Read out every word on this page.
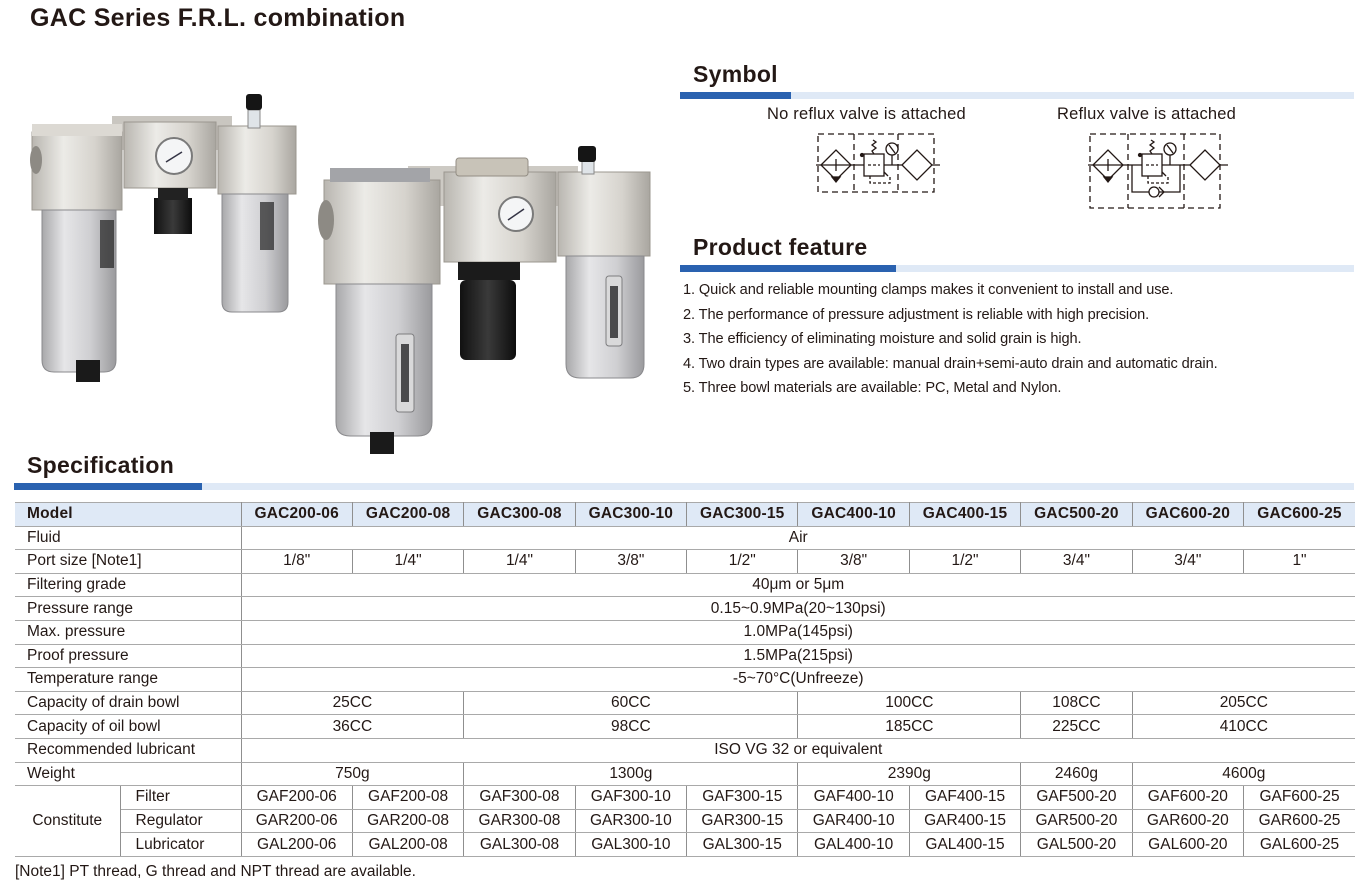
GAC Series F.R.L. combination
Symbol
No reflux valve is attached	Reflux valve is attached
Product feature
1. Quick and reliable mounting clamps makes it convenient to install and use.
2. The performance of pressure adjustment is reliable with high precision.
3. The efficiency of eliminating moisture and solid grain is high.
4. Two drain types are available: manual drain+semi-auto drain and automatic drain.
5. Three bowl materials are available: PC, Metal and Nylon.
Specification
Model		GAC200-06	GAC200-08	GAC300-08	GAC300-10	GAC300-15	GAC400-10	GAC400-15	GAC500-20	GAC600-20	GAC600-25
Fluid		Air									
Port size [Note1]		1/8"	1/4"	1/4"	3/8"	1/2"	3/8"	1/2"	3/4"	3/4"	1"
Filtering grade		40μm or 5μm									
Pressure range		0.15~0.9MPa(20~130psi)									
Max. pressure		1.0MPa(145psi)									
Proof pressure		1.5MPa(215psi)									
Temperature range		-5~70°C(Unfreeze)									
Capacity of drain bowl		25CC		60CC			100CC		108CC	205CC	
Capacity of oil bowl		36CC		98CC			185CC		225CC	410CC	
Recommended lubricant		ISO VG 32 or equivalent									
Weight		750g		1300g			2390g		2460g	4600g	
Constitute	Filter	GAF200-06	GAF200-08	GAF300-08	GAF300-10	GAF300-15	GAF400-10	GAF400-15	GAF500-20	GAF600-20	GAF600-25
	Regulator	GAR200-06	GAR200-08	GAR300-08	GAR300-10	GAR300-15	GAR400-10	GAR400-15	GAR500-20	GAR600-20	GAR600-25
	Lubricator	GAL200-06	GAL200-08	GAL300-08	GAL300-10	GAL300-15	GAL400-10	GAL400-15	GAL500-20	GAL600-20	GAL600-25
[Note1] PT thread, G thread and NPT thread are available.
